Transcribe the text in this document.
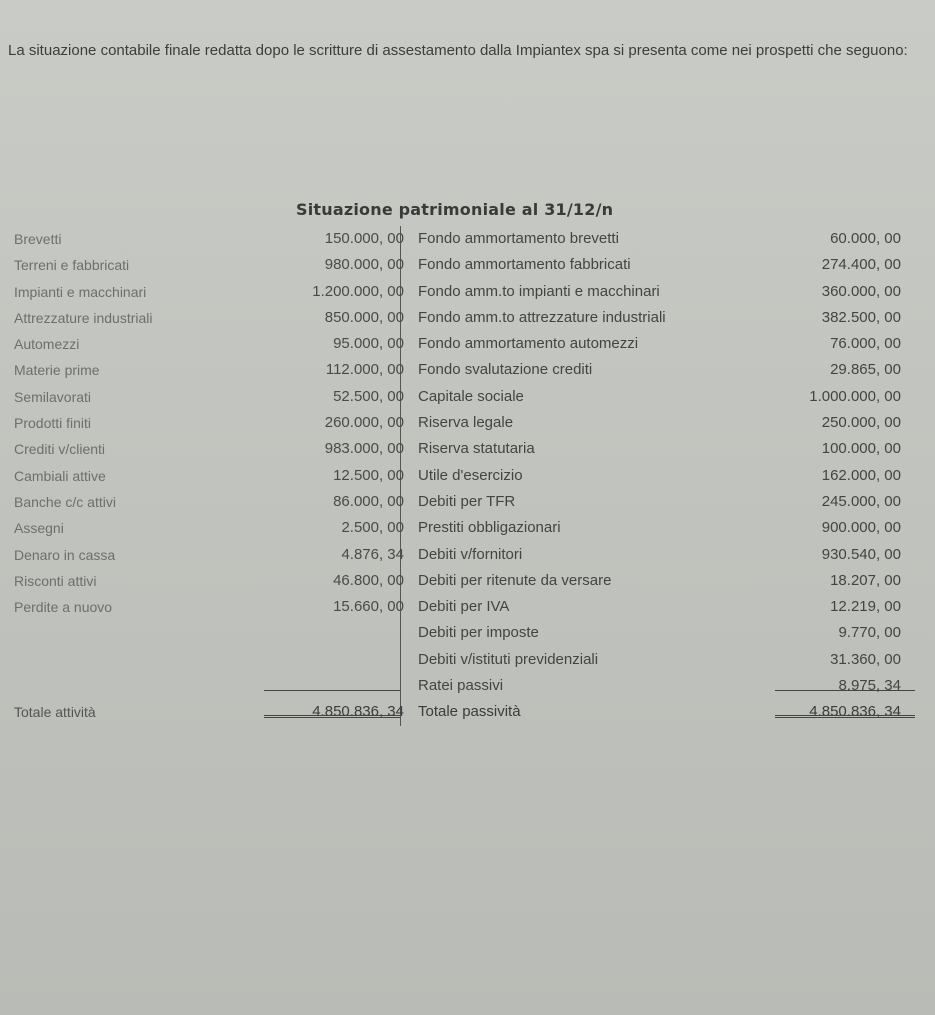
La situazione contabile finale redatta dopo le scritture di assestamento dalla Impiantex spa si presenta come nei prospetti che seguono:
Situazione patrimoniale al 31/12/n
Brevetti	150.000, 00 Fondo ammortamento brevetti	60.000, 00
Terreni e fabbricati	980.000, 00 Fondo ammortamento fabbricati	274.400, 00
Impianti e macchinari	1.200.000, 00 Fondo amm.to impianti e macchinari	360.000, 00
Attrezzature industriali	850.000, 00 Fondo amm.to attrezzature industriali	382.500, 00
Automezzi	95.000, 00 Fondo ammortamento automezzi	76.000, 00
Materie prime	112.000, 00 Fondo svalutazione crediti	29.865, 00
Semilavorati	52.500, 00 Capitale sociale	1.000.000, 00
Prodotti finiti	260.000, 00 Riserva legale	250.000, 00
Crediti v/clienti	983.000, 00 Riserva statutaria	100.000, 00
Cambiali attive	12.500, 00 Utile d'esercizio	162.000, 00
Banche c/c attivi	86.000, 00 Debiti per TFR	245.000, 00
Assegni	2.500, 00 Prestiti obbligazionari	900.000, 00
Denaro in cassa	4.876, 34 Debiti v/fornitori	930.540, 00
Risconti attivi	46.800, 00 Debiti per ritenute da versare	18.207, 00
Perdite a nuovo	15.660, 00 Debiti per IVA	12.219, 00
Debiti per imposte	9.770, 00
Debiti v/istituti previdenziali	31.360, 00
Ratei passivi	8.975, 34
Totale attività	4.850.836, 34 Totale passività	4.850.836, 34
